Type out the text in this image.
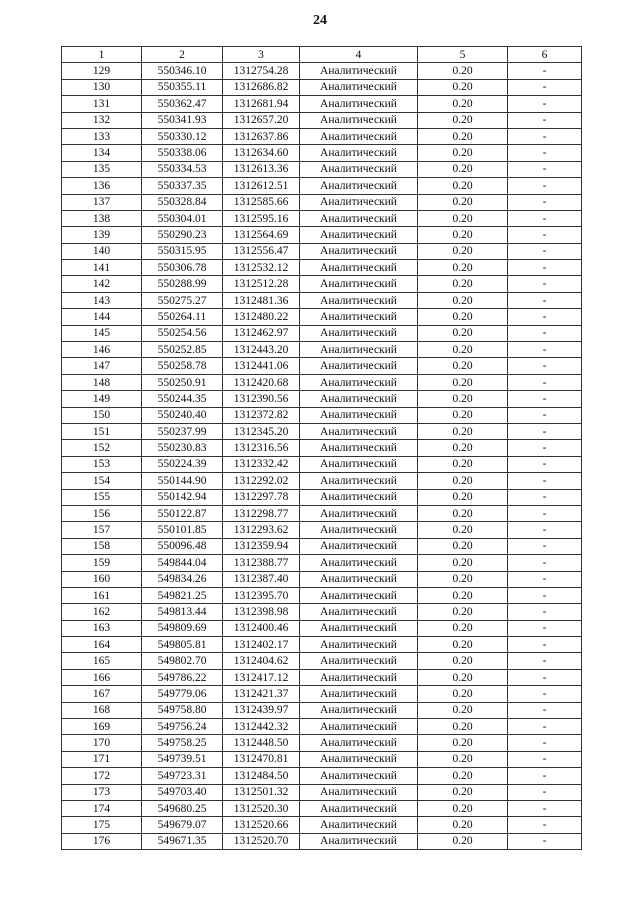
24
1	2	3	4	5	6
129	550346.10	1312754.28	Аналитический	0.20	-
130	550355.11	1312686.82	Аналитический	0.20	-
131	550362.47	1312681.94	Аналитический	0.20	-
132	550341.93	1312657.20	Аналитический	0.20	-
133	550330.12	1312637.86	Аналитический	0.20	-
134	550338.06	1312634.60	Аналитический	0.20	-
135	550334.53	1312613.36	Аналитический	0.20	-
136	550337.35	1312612.51	Аналитический	0.20	-
137	550328.84	1312585.66	Аналитический	0.20	-
138	550304.01	1312595.16	Аналитический	0.20	-
139	550290.23	1312564.69	Аналитический	0.20	-
140	550315.95	1312556.47	Аналитический	0.20	-
141	550306.78	1312532.12	Аналитический	0.20	-
142	550288.99	1312512.28	Аналитический	0.20	-
143	550275.27	1312481.36	Аналитический	0.20	-
144	550264.11	1312480.22	Аналитический	0.20	-
145	550254.56	1312462.97	Аналитический	0.20	-
146	550252.85	1312443.20	Аналитический	0.20	-
147	550258.78	1312441.06	Аналитический	0.20	-
148	550250.91	1312420.68	Аналитический	0.20	-
149	550244.35	1312390.56	Аналитический	0.20	-
150	550240.40	1312372.82	Аналитический	0.20	-
151	550237.99	1312345.20	Аналитический	0.20	-
152	550230.83	1312316.56	Аналитический	0.20	-
153	550224.39	1312332.42	Аналитический	0.20	-
154	550144.90	1312292.02	Аналитический	0.20	-
155	550142.94	1312297.78	Аналитический	0.20	-
156	550122.87	1312298.77	Аналитический	0.20	-
157	550101.85	1312293.62	Аналитический	0.20	-
158	550096.48	1312359.94	Аналитический	0.20	-
159	549844.04	1312388.77	Аналитический	0.20	-
160	549834.26	1312387.40	Аналитический	0.20	-
161	549821.25	1312395.70	Аналитический	0.20	-
162	549813.44	1312398.98	Аналитический	0.20	-
163	549809.69	1312400.46	Аналитический	0.20	-
164	549805.81	1312402.17	Аналитический	0.20	-
165	549802.70	1312404.62	Аналитический	0.20	-
166	549786.22	1312417.12	Аналитический	0.20	-
167	549779.06	1312421.37	Аналитический	0.20	-
168	549758.80	1312439.97	Аналитический	0.20	-
169	549756.24	1312442.32	Аналитический	0.20	-
170	549758.25	1312448.50	Аналитический	0.20	-
171	549739.51	1312470.81	Аналитический	0.20	-
172	549723.31	1312484.50	Аналитический	0.20	-
173	549703.40	1312501.32	Аналитический	0.20	-
174	549680.25	1312520.30	Аналитический	0.20	-
175	549679.07	1312520.66	Аналитический	0.20	-
176	549671.35	1312520.70	Аналитический	0.20	-
